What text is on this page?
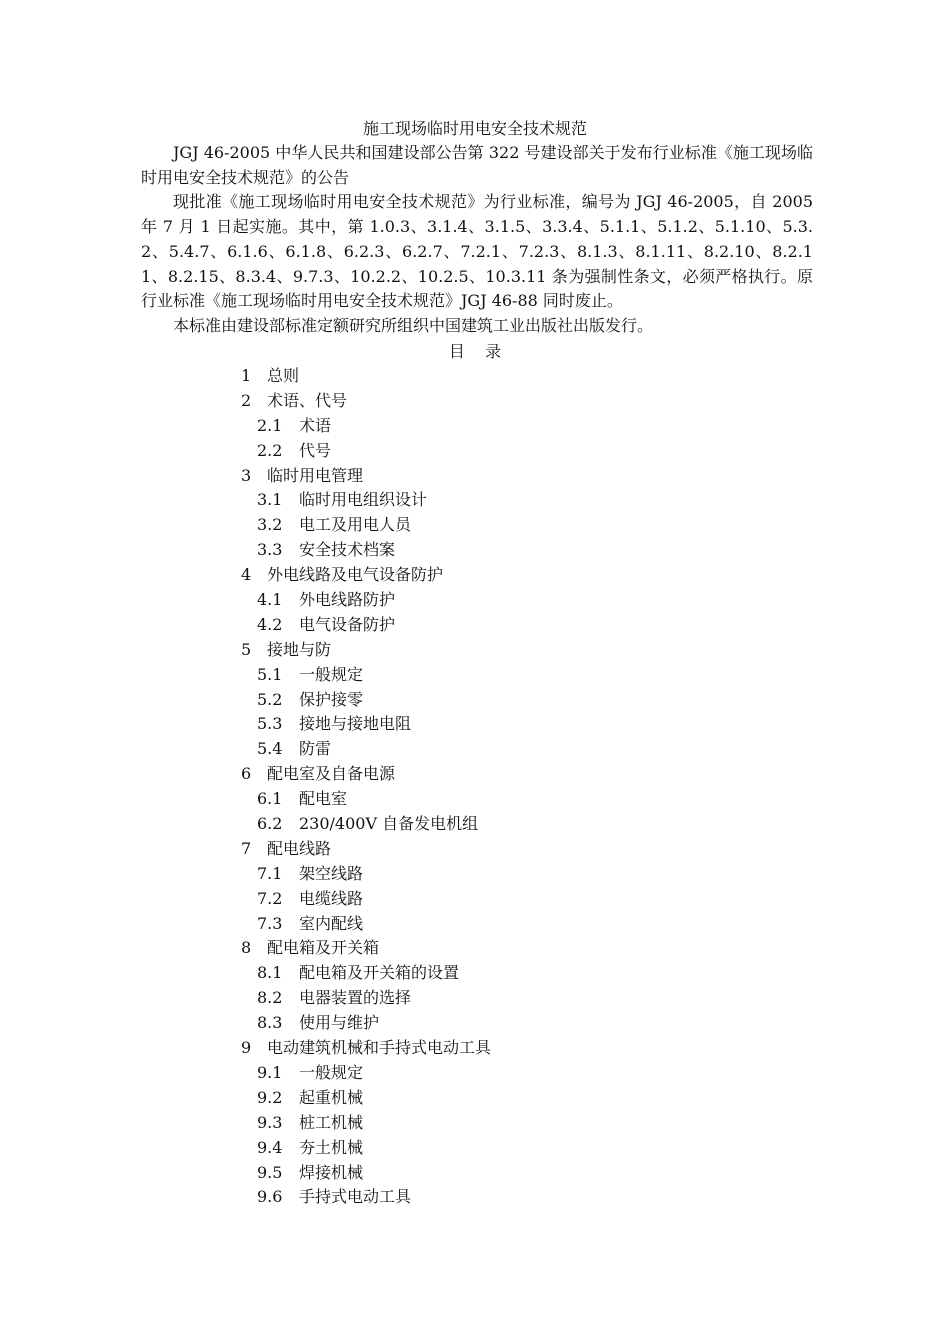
施工现场临时用电安全技术规范

JGJ 46-2005 中华人民共和国建设部公告第 322 号建设部关于发布行业标准《施工现场临时用电安全技术规范》的公告

现批准《施工现场临时用电安全技术规范》为行业标准，编号为 JGJ 46-2005，自 2005 年 7 月 1 日起实施。其中，第 1.0.3、3.1.4、3.1.5、3.3.4、5.1.1、5.1.2、5.1.10、5.3.2、5.4.7、6.1.6、6.1.8、6.2.3、6.2.7、7.2.1、7.2.3、8.1.3、8.1.11、8.2.10、8.2.11、8.2.15、8.3.4、9.7.3、10.2.2、10.2.5、10.3.11 条为强制性条文，必须严格执行。原行业标准《施工现场临时用电安全技术规范》JGJ 46-88 同时废止。

本标准由建设部标准定额研究所组织中国建筑工业出版社出版发行。

目    录
1 总则
2 术语、代号
2.1 术语
2.2 代号
3 临时用电管理
3.1 临时用电组织设计
3.2 电工及用电人员
3.3 安全技术档案
4 外电线路及电气设备防护
4.1 外电线路防护
4.2 电气设备防护
5 接地与防
5.1 一般规定
5.2 保护接零
5.3 接地与接地电阻
5.4 防雷
6 配电室及自备电源
6.1 配电室
6.2 230/400V 自备发电机组
7 配电线路
7.1 架空线路
7.2 电缆线路
7.3 室内配线
8 配电箱及开关箱
8.1 配电箱及开关箱的设置
8.2 电器装置的选择
8.3 使用与维护
9 电动建筑机械和手持式电动工具
9.1 一般规定
9.2 起重机械
9.3 桩工机械
9.4 夯土机械
9.5 焊接机械
9.6 手持式电动工具
